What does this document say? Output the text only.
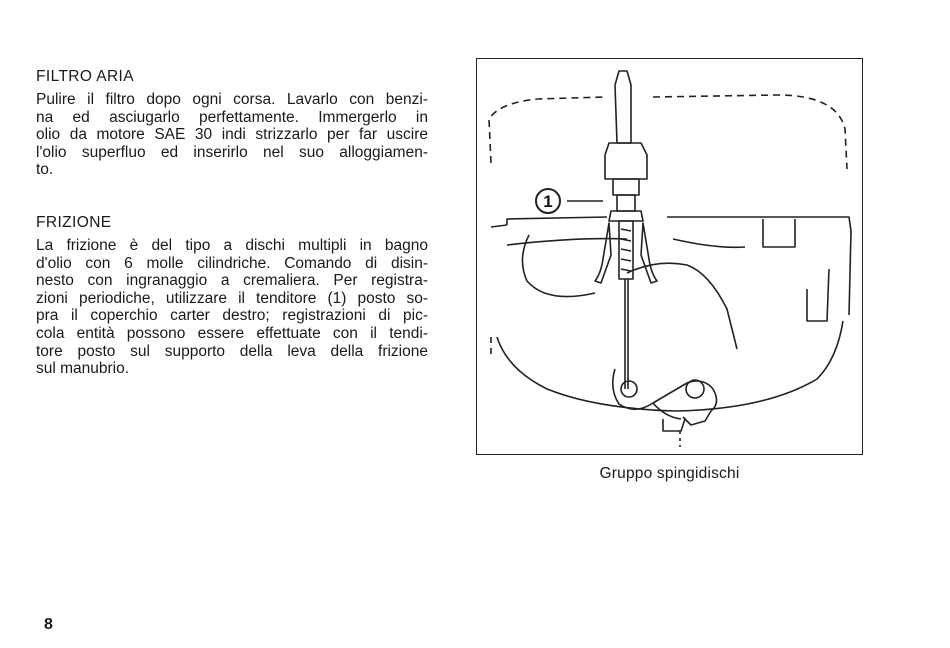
FILTRO ARIA

Pulire il filtro dopo ogni corsa. Lavarlo con benzi-
na ed asciugarlo perfettamente. Immergerlo in
olio da motore SAE 30 indi strizzarlo per far uscire
l'olio superfluo ed inserirlo nel suo alloggiamen-
to.

FRIZIONE

La frizione è del tipo a dischi multipli in bagno
d'olio con 6 molle cilindriche. Comando di disin-
nesto con ingranaggio a cremaliera. Per registra-
zioni periodiche, utilizzare il tenditore (1) posto so-
pra il coperchio carter destro; registrazioni di pic-
cola entità possono essere effettuate con il tendi-
tore posto sul supporto della leva della frizione
sul manubrio.

1
Gruppo spingidischi
8
